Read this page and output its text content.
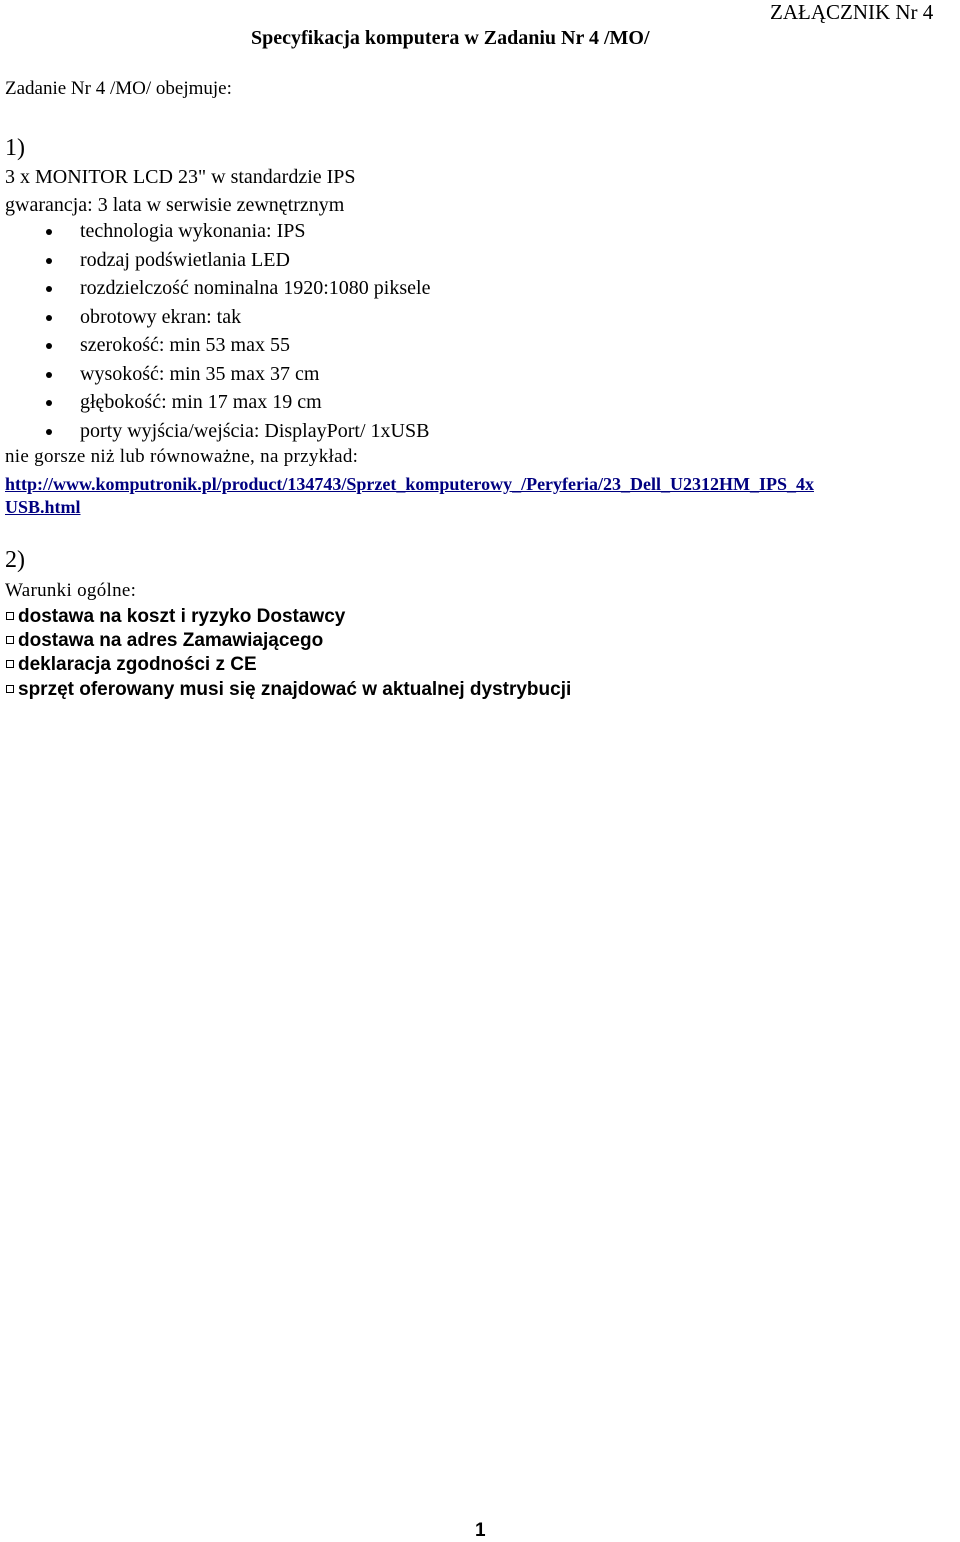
ZAŁĄCZNIK Nr 4
Specyfikacja komputera w Zadaniu Nr 4 /MO/
Zadanie Nr 4 /MO/ obejmuje:
1)
3 x MONITOR LCD 23" w standardzie IPS
gwarancja: 3 lata w serwisie zewnętrznym
technologia wykonania: IPS
rodzaj podświetlania LED
rozdzielczość nominalna 1920:1080 piksele
obrotowy ekran: tak
szerokość: min 53 max 55
wysokość: min 35 max 37 cm
głębokość: min 17 max 19 cm
porty wyjścia/wejścia: DisplayPort/ 1xUSB
nie gorsze niż lub równoważne, na przykład:
http://www.komputronik.pl/product/134743/Sprzet_komputerowy_/Peryferia/23_Dell_U2312HM_IPS_4x
USB.html
2)
Warunki ogólne:
dostawa na koszt i ryzyko Dostawcy
dostawa na adres Zamawiającego
deklaracja zgodności z CE
sprzęt oferowany musi się znajdować w aktualnej dystrybucji
1
